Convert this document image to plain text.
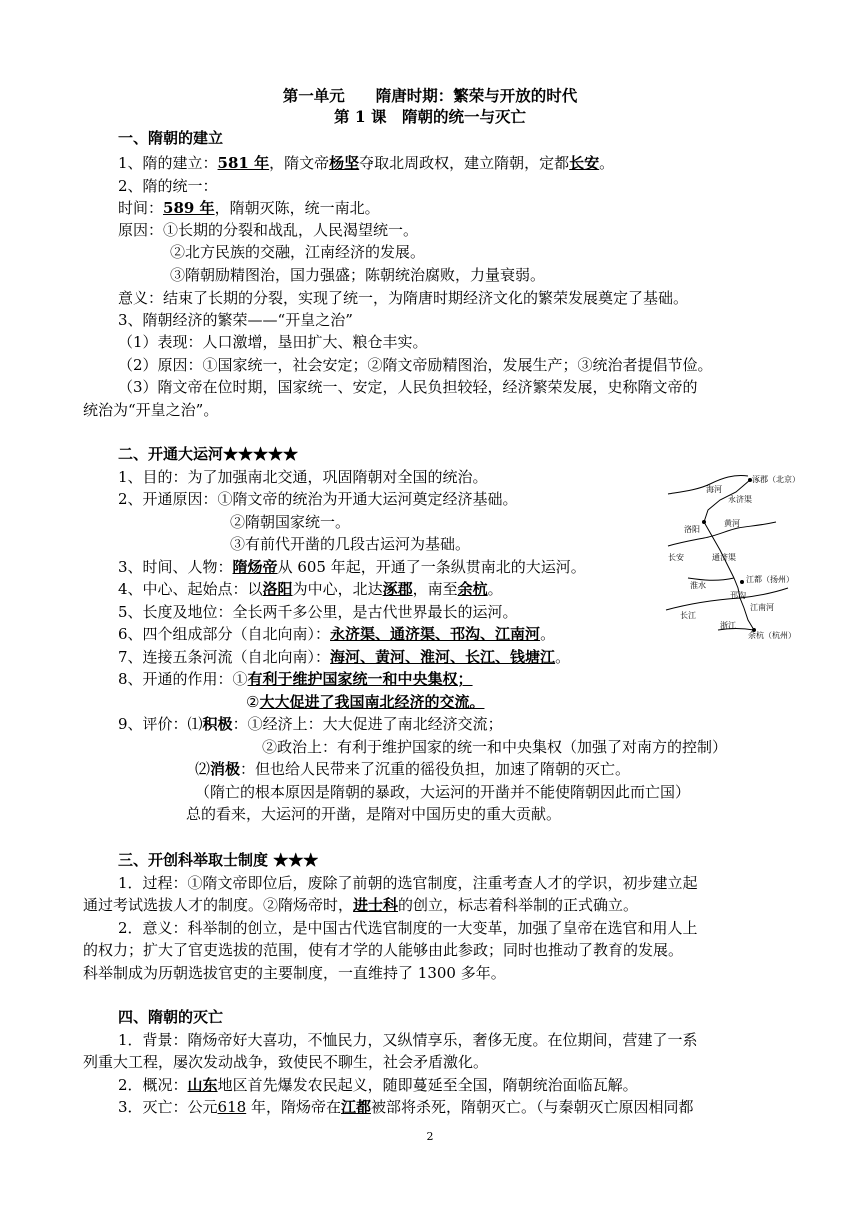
第一单元　　隋唐时期：繁荣与开放的时代
第 1 课　隋朝的统一与灭亡
一、隋朝的建立
1、隋的建立：581 年，隋文帝杨坚夺取北周政权，建立隋朝，定都长安。
2、隋的统一：
时间：589 年，隋朝灭陈，统一南北。
原因：①长期的分裂和战乱，人民渴望统一。
②北方民族的交融，江南经济的发展。
③隋朝励精图治，国力强盛；陈朝统治腐败，力量衰弱。
意义：结束了长期的分裂，实现了统一，为隋唐时期经济文化的繁荣发展奠定了基础。
3、隋朝经济的繁荣——“开皇之治”
（1）表现：人口激增，垦田扩大、粮仓丰实。
（2）原因：①国家统一，社会安定；②隋文帝励精图治，发展生产；③统治者提倡节俭。
（3）隋文帝在位时期，国家统一、安定，人民负担较轻，经济繁荣发展，史称隋文帝的
统治为“开皇之治”。
二、开通大运河★★★★★
1、目的：为了加强南北交通，巩固隋朝对全国的统治。
2、开通原因：①隋文帝的统治为开通大运河奠定经济基础。
②隋朝国家统一。
③有前代开凿的几段古运河为基础。
3、时间、人物：隋炀帝从 605 年起，开通了一条纵贯南北的大运河。
4、中心、起始点：以洛阳为中心，北达涿郡，南至余杭。
5、长度及地位：全长两千多公里，是古代世界最长的运河。
6、四个组成部分（自北向南）：永济渠、通济渠、邗沟、江南河。
7、连接五条河流（自北向南）：海河、黄河、淮河、长江、钱塘江。
8、开通的作用：①有利于维护国家统一和中央集权；
②大大促进了我国南北经济的交流。
9、评价：⑴积极：①经济上：大大促进了南北经济交流；
②政治上：有利于维护国家的统一和中央集权（加强了对南方的控制）
⑵消极：但也给人民带来了沉重的徭役负担，加速了隋朝的灭亡。
（隋亡的根本原因是隋朝的暴政，大运河的开凿并不能使隋朝因此而亡国）
总的看来，大运河的开凿，是隋对中国历史的重大贡献。
涿郡（北京）
海河
永济渠
洛阳
黄河
长安	通济渠
江都（扬州）
淮水
邗沟
长江
江南河
浙江
余杭（杭州）
三、开创科举取士制度 ★★★
1．过程：①隋文帝即位后，废除了前朝的选官制度，注重考查人才的学识，初步建立起
通过考试选拔人才的制度。②隋炀帝时，进士科的创立，标志着科举制的正式确立。
2．意义：科举制的创立，是中国古代选官制度的一大变革，加强了皇帝在选官和用人上
的权力；扩大了官吏选拔的范围，使有才学的人能够由此参政；同时也推动了教育的发展。
科举制成为历朝选拔官吏的主要制度，一直维持了 1300 多年。
四、隋朝的灭亡
1．背景：隋炀帝好大喜功，不恤民力，又纵情享乐，奢侈无度。在位期间，营建了一系
列重大工程，屡次发动战争，致使民不聊生，社会矛盾激化。
2．概况：山东地区首先爆发农民起义，随即蔓延至全国，隋朝统治面临瓦解。
3．灭亡：公元618 年，隋炀帝在江都被部将杀死，隋朝灭亡。（与秦朝灭亡原因相同都
2
